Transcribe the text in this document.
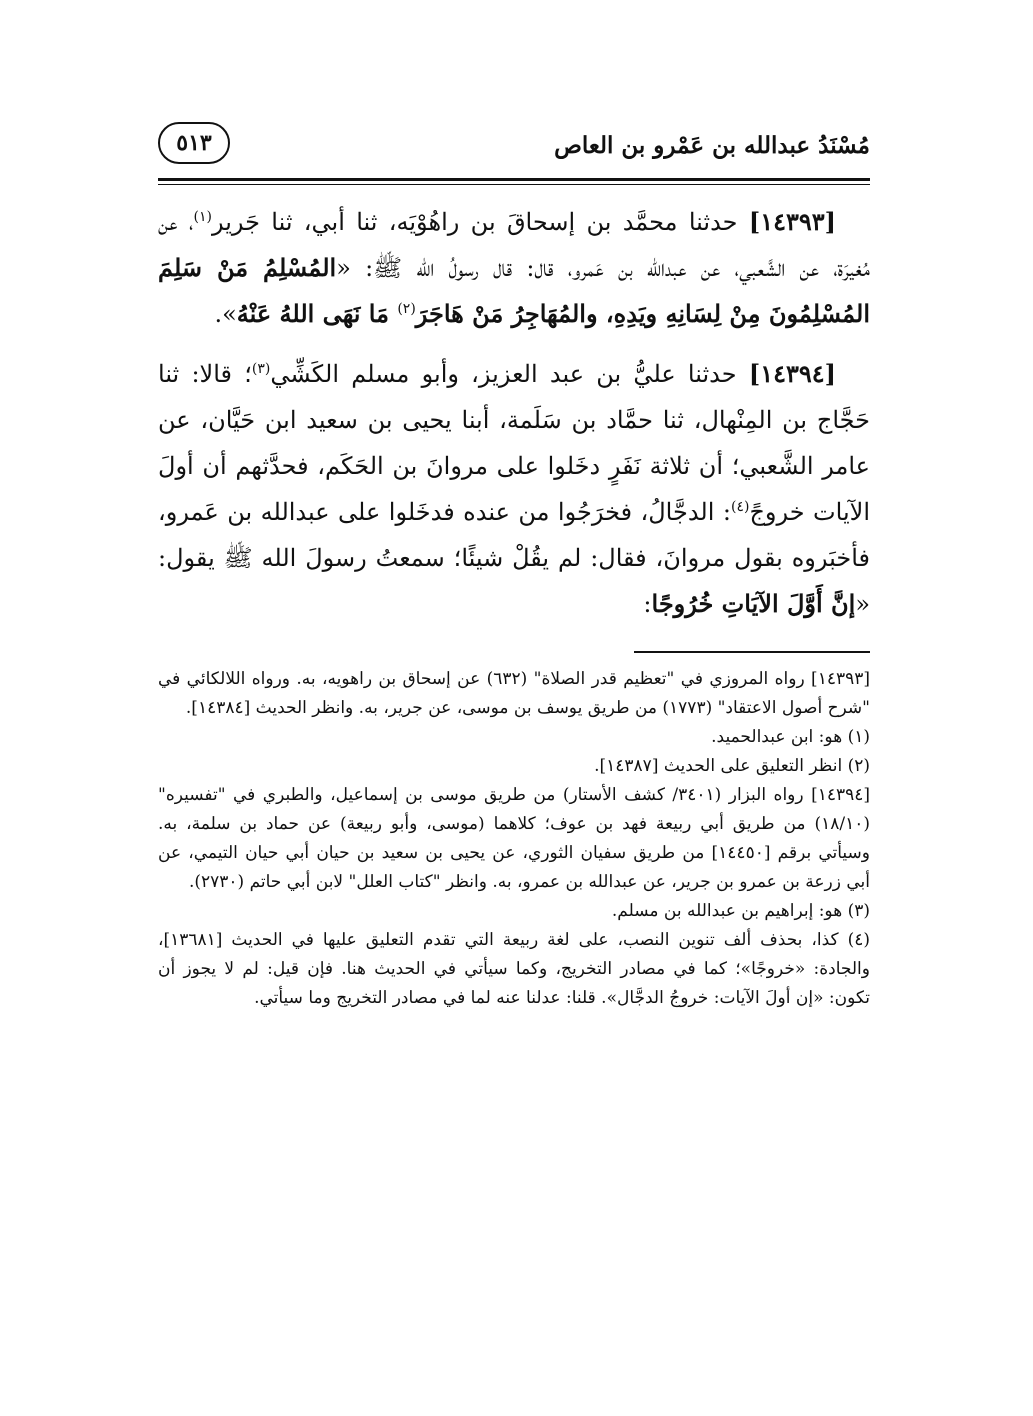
مُسْنَدُ عبدالله بن عَمْرو بن العاص
٥١٣

[١٤٣٩٣] حدثنا محمَّد بن إسحاقَ بن راهُوْيَه، ثنا أبي، ثنا جَرير$^{(١)}$، عن مُغيرَة، عن الشَّعبي، عن عبدالله بن عَمرو، قال: قال رسولُ الله ﷺ: «المُسْلِمُ مَنْ سَلِمَ المُسْلِمُونَ مِنْ لِسَانِهِ ويَدِهِ، والمُهَاجِرُ مَنْ هَاجَرَ$^{(٢)}$ مَا نَهَى اللهُ عَنْهُ».

[١٤٣٩٤] حدثنا عليُّ بن عبد العزيز، وأبو مسلم الكَشِّي$^{(٣)}$؛ قالا: ثنا حَجَّاج بن المِنْهال، ثنا حمَّاد بن سَلَمة، أبنا يحيى بن سعيد ابن حَيَّان، عن عامر الشَّعبي؛ أن ثلاثة نَفَرٍ دخَلوا على مروانَ بن الحَكَم، فحدَّثهم أن أولَ الآيات خروجً$^{(٤)}$: الدجَّالُ، فخرَجُوا من عنده فدخَلوا على عبدالله بن عَمرو، فأخبَروه بقول مروانَ، فقال: لم يقُلْ شيئًا؛ سمعتُ رسولَ الله ﷺ يقول: «إنَّ أَوَّلَ الآيَاتِ خُرُوجًا:

[١٤٣٩٣] رواه المروزي في "تعظيم قدر الصلاة" (٦٣٢) عن إسحاق بن راهويه، به. ورواه اللالكائي في "شرح أصول الاعتقاد" (١٧٧٣) من طريق يوسف بن موسى، عن جرير، به. وانظر الحديث [١٤٣٨٤].

(١) هو: ابن عبدالحميد.

(٢) انظر التعليق على الحديث [١٤٣٨٧].

[١٤٣٩٤] رواه البزار (٣٤٠١/ كشف الأستار) من طريق موسى بن إسماعيل، والطبري في "تفسيره" (١٨/١٠) من طريق أبي ربيعة فهد بن عوف؛ كلاهما (موسى، وأبو ربيعة) عن حماد بن سلمة، به. وسيأتي برقم [١٤٤٥٠] من طريق سفيان الثوري، عن يحيى بن سعيد بن حيان أبي حيان التيمي، عن أبي زرعة بن عمرو بن جرير، عن عبدالله بن عمرو، به. وانظر "كتاب العلل" لابن أبي حاتم (٢٧٣٠).

(٣) هو: إبراهيم بن عبدالله بن مسلم.

(٤) كذا، بحذف ألف تنوين النصب، على لغة ربيعة التي تقدم التعليق عليها في الحديث [١٣٦٨١]، والجادة: «خروجًا»؛ كما في مصادر التخريج، وكما سيأتي في الحديث هنا. فإن قيل: لم لا يجوز أن تكون: «إن أولَ الآيات: خروجُ الدجَّال». قلنا: عدلنا عنه لما في مصادر التخريج وما سيأتي.
